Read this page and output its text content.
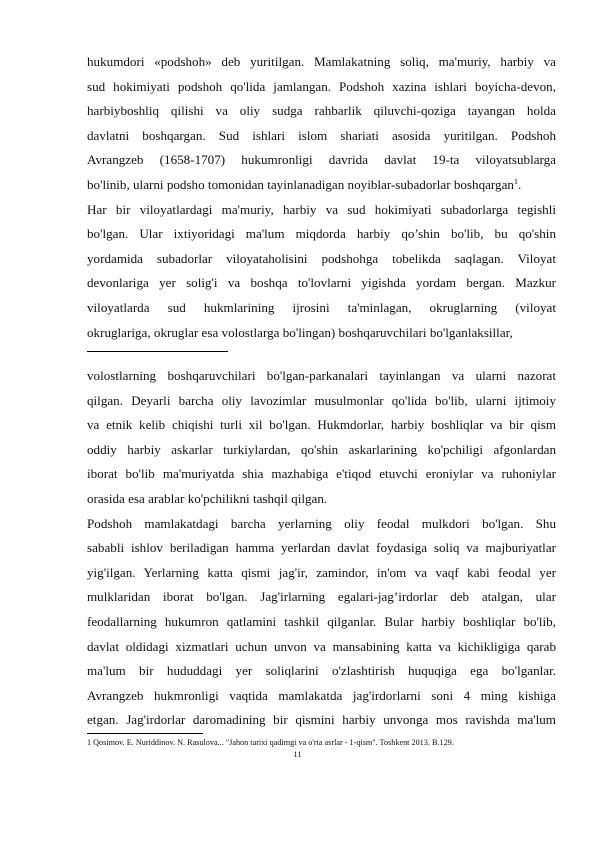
hukumdori «podshoh» deb yuritilgan. Mamlakatning soliq, ma'muriy, harbiy va
sud hokimiyati podshoh qo'lida jamlangan. Podshoh xazina ishlari boyicha-devon,
harbiyboshliq qilishi va oliy sudga rahbarlik qiluvchi-qoziga tayangan holda
davlatni boshqargan. Sud ishlari islom shariati asosida yuritilgan. Podshoh
Avrangzeb (1658-1707) hukumronligi davrida davlat 19-ta viloyatsublarga
bo'linib, ularni podsho tomonidan tayinlanadigan noyiblar-subadorlar boshqargan$^1$.
Har bir viloyatlardagi ma'muriy, harbiy va sud hokimiyati subadorlarga tegishli
bo'lgan. Ular ixtiyoridagi ma'lum miqdorda harbiy qo’shin bo'lib, bu qo'shin
yordamida subadorlar viloyataholisini podshohga tobelikda saqlagan. Viloyat
devonlariga yer solig'i va boshqa to'lovlarni yigishda yordam bergan. Mazkur
viloyatlarda sud hukmlarining ijrosini ta'minlagan, okruglarning (viloyat
okruglariga, okruglar esa volostlarga bo'lingan) boshqaruvchilari bo'lganlaksillar,
volostlarning boshqaruvchilari bo'lgan-parkanalari tayinlangan va ularni nazorat
qilgan. Deyarli barcha oliy lavozimlar musulmonlar qo'lida bo'lib, ularni ijtimoiy
va etnik kelib chiqishi turli xil bo'lgan. Hukmdorlar, harbiy boshliqlar va bir qism
oddiy harbiy askarlar turkiylardan, qo'shin askarlarining ko'pchiligi afgonlardan
iborat bo'lib ma'muriyatda shia mazhabiga e'tiqod etuvchi eroniylar va ruhoniylar
orasida esa arablar ko'pchilikni tashqil qilgan.
Podshoh mamlakatdagi barcha yerlarning oliy feodal mulkdori bo'lgan. Shu
sababli ishlov beriladigan hamma yerlardan davlat foydasiga soliq va majburiyatlar
yig'ilgan. Yerlarning katta qismi jag'ir, zamindor, in'om va vaqf kabi feodal yer
mulklaridan iborat bo'lgan. Jag'irlarning egalari-jag’irdorlar deb atalgan, ular
feodallarning hukumron qatlamini tashkil qilganlar. Bular harbiy boshliqlar bo'lib,
davlat oldidagi xizmatlari uchun unvon va mansabining katta va kichikligiga qarab
ma'lum bir hududdagi yer soliqlarini o'zlashtirish huquqiga ega bo'lganlar.
Avrangzeb hukmronligi vaqtida mamlakatda jag'irdorlarni soni 4 ming kishiga
etgan. Jag'irdorlar daromadining bir qismini harbiy unvonga mos ravishda ma'lum
1 Qosimov. E. Nuriddinov. N. Rasulova... "Jahon tarixi qadimgi va o'rta asrlar - 1-qism". Toshkent 2013. B.129.
11
